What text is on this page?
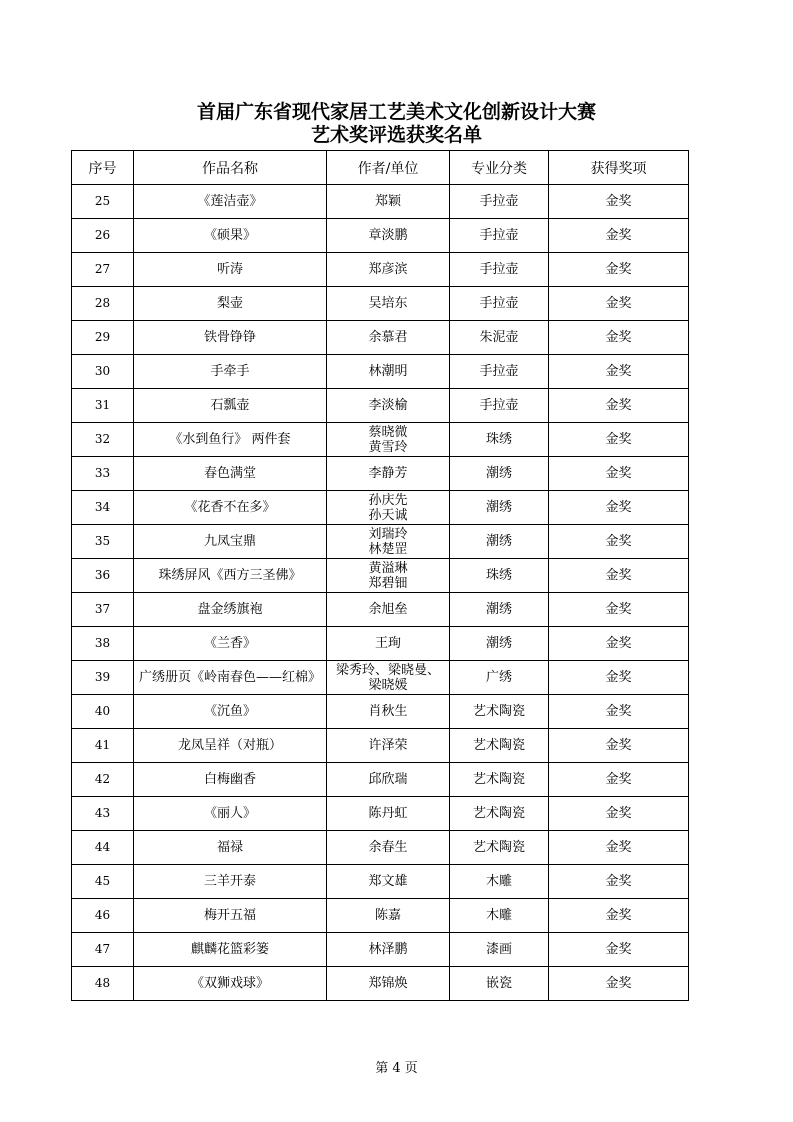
首届广东省现代家居工艺美术文化创新设计大赛
艺术奖评选获奖名单
序号	作品名称	作者/单位	专业分类	获得奖项
25	《莲洁壶》	郑颖	手拉壶	金奖
26	《硕果》	章淡鹏	手拉壶	金奖
27	听涛	郑彦滨	手拉壶	金奖
28	梨壶	吴培东	手拉壶	金奖
29	铁骨铮铮	余慕君	朱泥壶	金奖
30	手牵手	林潮明	手拉壶	金奖
31	石瓢壶	李淡榆	手拉壶	金奖
32	《水到鱼行》 两件套	蔡晓微
黄雪玲	珠绣	金奖
33	春色满堂	李静芳	潮绣	金奖
34	《花香不在多》	孙庆先
孙天诚	潮绣	金奖
35	九凤宝鼎	刘瑞玲
林楚罡	潮绣	金奖
36	珠绣屏风《西方三圣佛》	黄溢琳
郑碧钿	珠绣	金奖
37	盘金绣旗袍	余旭垒	潮绣	金奖
38	《兰香》	王珣	潮绣	金奖
39	广绣册页《岭南春色——红棉》	梁秀玲、梁晓曼、
梁晓媛	广绣	金奖
40	《沉鱼》	肖秋生	艺术陶瓷	金奖
41	龙凤呈祥（对瓶）	许泽荣	艺术陶瓷	金奖
42	白梅幽香	邱欣瑞	艺术陶瓷	金奖
43	《丽人》	陈丹虹	艺术陶瓷	金奖
44	福禄	余春生	艺术陶瓷	金奖
45	三羊开泰	郑文雄	木雕	金奖
46	梅开五福	陈嘉	木雕	金奖
47	麒麟花篮彩篓	林泽鹏	漆画	金奖
48	《双狮戏球》	郑锦焕	嵌瓷	金奖
第 4 页
